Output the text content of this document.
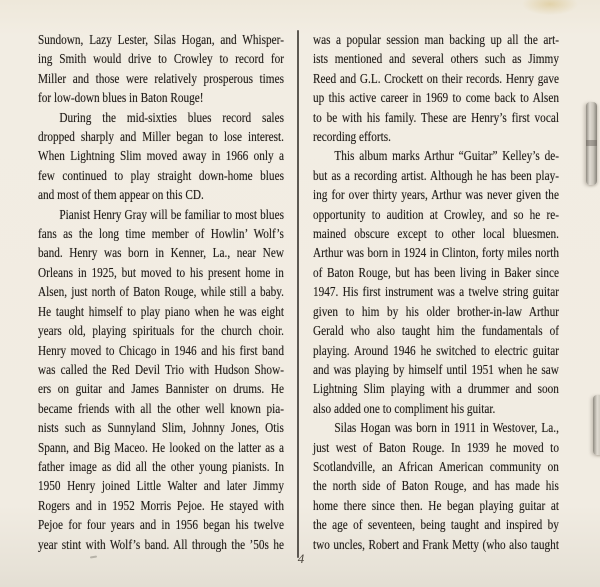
Sundown, Lazy Lester, Silas Hogan, and Whisper-
ing Smith would drive to Crowley to record for
Miller and those were relatively prosperous times
for low-down blues in Baton Rouge!
During the mid-sixties blues record sales
dropped sharply and Miller began to lose interest.
When Lightning Slim moved away in 1966 only a
few continued to play straight down-home blues
and most of them appear on this CD.
Pianist Henry Gray will be familiar to most blues
fans as the long time member of Howlin’ Wolf’s
band. Henry was born in Kenner, La., near New
Orleans in 1925, but moved to his present home in
Alsen, just north of Baton Rouge, while still a baby.
He taught himself to play piano when he was eight
years old, playing spirituals for the church choir.
Henry moved to Chicago in 1946 and his first band
was called the Red Devil Trio with Hudson Show-
ers on guitar and James Bannister on drums. He
became friends with all the other well known pia-
nists such as Sunnyland Slim, Johnny Jones, Otis
Spann, and Big Maceo. He looked on the latter as a
father image as did all the other young pianists. In
1950 Henry joined Little Walter and later Jimmy
Rogers and in 1952 Morris Pejoe. He stayed with
Pejoe for four years and in 1956 began his twelve
year stint with Wolf’s band. All through the ’50s he
was a popular session man backing up all the art-
ists mentioned and several others such as Jimmy
Reed and G.L. Crockett on their records. Henry gave
up this active career in 1969 to come back to Alsen
to be with his family. These are Henry’s first vocal
recording efforts.
This album marks Arthur “Guitar” Kelley’s de-
but as a recording artist. Although he has been play-
ing for over thirty years, Arthur was never given the
opportunity to audition at Crowley, and so he re-
mained obscure except to other local bluesmen.
Arthur was born in 1924 in Clinton, forty miles north
of Baton Rouge, but has been living in Baker since
1947. His first instrument was a twelve string guitar
given to him by his older brother-in-law Arthur
Gerald who also taught him the fundamentals of
playing. Around 1946 he switched to electric guitar
and was playing by himself until 1951 when he saw
Lightning Slim playing with a drummer and soon
also added one to compliment his guitar.
Silas Hogan was born in 1911 in Westover, La.,
just west of Baton Rouge. In 1939 he moved to
Scotlandville, an African American community on
the north side of Baton Rouge, and has made his
home there since then. He began playing guitar at
the age of seventeen, being taught and inspired by
two uncles, Robert and Frank Metty (who also taught
4
